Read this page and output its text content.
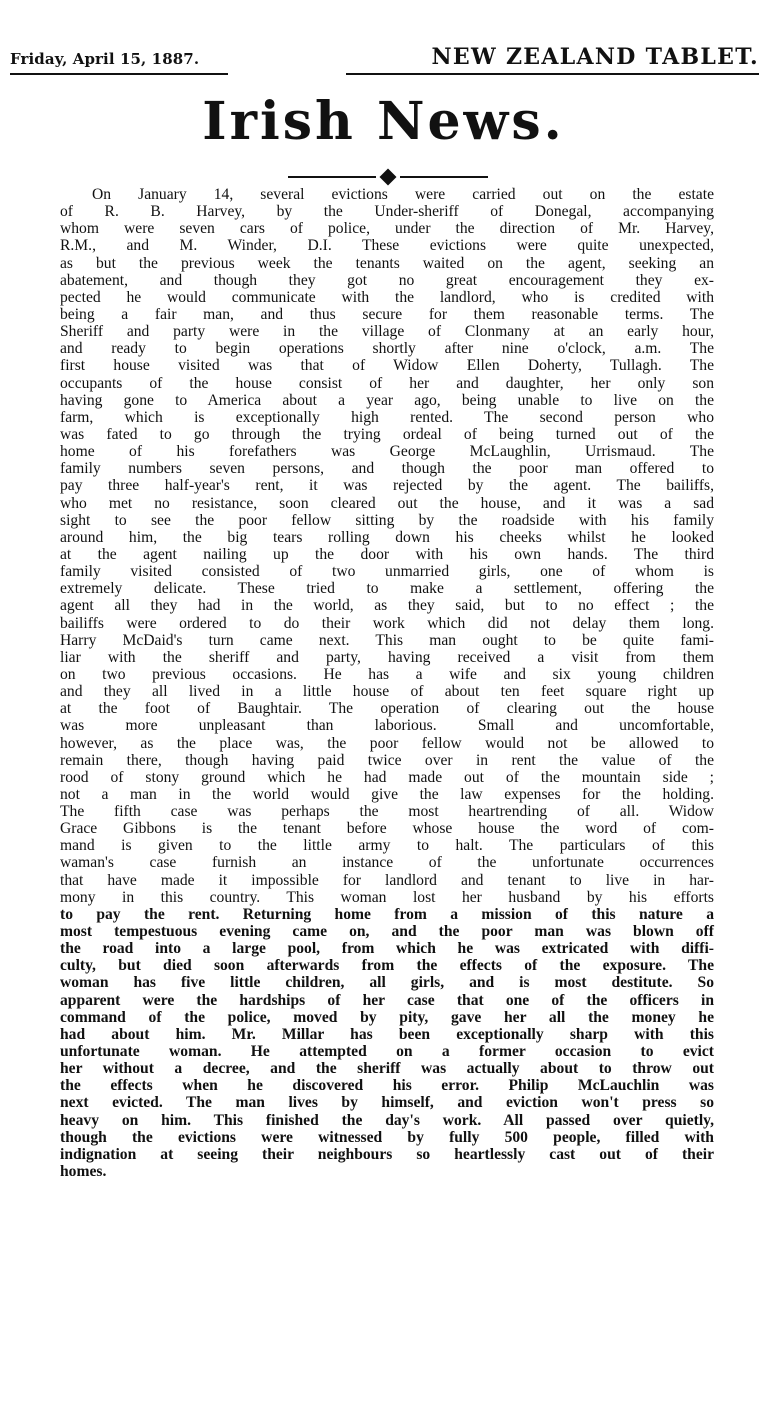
Friday, April 15, 1887.	NEW ZEALAND TABLET.
Irish News.
On January 14, several evictions were carried out on the estate
of R. B. Harvey, by the Under-sheriff of Donegal, accompanying
whom were seven cars of police, under the direction of Mr. Harvey,
R.M., and M. Winder, D.I. These evictions were quite unexpected,
as but the previous week the tenants waited on the agent, seeking an
abatement, and though they got no great encouragement they ex-
pected he would communicate with the landlord, who is credited with
being a fair man, and thus secure for them reasonable terms. The
Sheriff and party were in the village of Clonmany at an early hour,
and ready to begin operations shortly after nine o'clock, a.m. The
first house visited was that of Widow Ellen Doherty, Tullagh. The
occupants of the house consist of her and daughter, her only son
having gone to America about a year ago, being unable to live on the
farm, which is exceptionally high rented. The second person who
was fated to go through the trying ordeal of being turned out of the
home of his forefathers was George McLaughlin, Urrismaud. The
family numbers seven persons, and though the poor man offered to
pay three half-year's rent, it was rejected by the agent. The bailiffs,
who met no resistance, soon cleared out the house, and it was a sad
sight to see the poor fellow sitting by the roadside with his family
around him, the big tears rolling down his cheeks whilst he looked
at the agent nailing up the door with his own hands. The third
family visited consisted of two unmarried girls, one of whom is
extremely delicate. These tried to make a settlement, offering the
agent all they had in the world, as they said, but to no effect ; the
bailiffs were ordered to do their work which did not delay them long.
Harry McDaid's turn came next. This man ought to be quite fami-
liar with the sheriff and party, having received a visit from them
on two previous occasions. He has a wife and six young children
and they all lived in a little house of about ten feet square right up
at the foot of Baughtair. The operation of clearing out the house
was more unpleasant than laborious. Small and uncomfortable,
however, as the place was, the poor fellow would not be allowed to
remain there, though having paid twice over in rent the value of the
rood of stony ground which he had made out of the mountain side ;
not a man in the world would give the law expenses for the holding.
The fifth case was perhaps the most heartrending of all. Widow
Grace Gibbons is the tenant before whose house the word of com-
mand is given to the little army to halt. The particulars of this
waman's case furnish an instance of the unfortunate occurrences
that have made it impossible for landlord and tenant to live in har-
mony in this country. This woman lost her husband by his efforts
to pay the rent. Returning home from a mission of this nature a
most tempestuous evening came on, and the poor man was blown off
the road into a large pool, from which he was extricated with diffi-
culty, but died soon afterwards from the effects of the exposure. The
woman has five little children, all girls, and is most destitute. So
apparent were the hardships of her case that one of the officers in
command of the police, moved by pity, gave her all the money he
had about him. Mr. Millar has been exceptionally sharp with this
unfortunate woman. He attempted on a former occasion to evict
her without a decree, and the sheriff was actually about to throw out
the effects when he discovered his error. Philip McLauchlin was
next evicted. The man lives by himself, and eviction won't press so
heavy on him. This finished the day's work. All passed over quietly,
though the evictions were witnessed by fully 500 people, filled with
indignation at seeing their neighbours so heartlessly cast out of their
homes.
